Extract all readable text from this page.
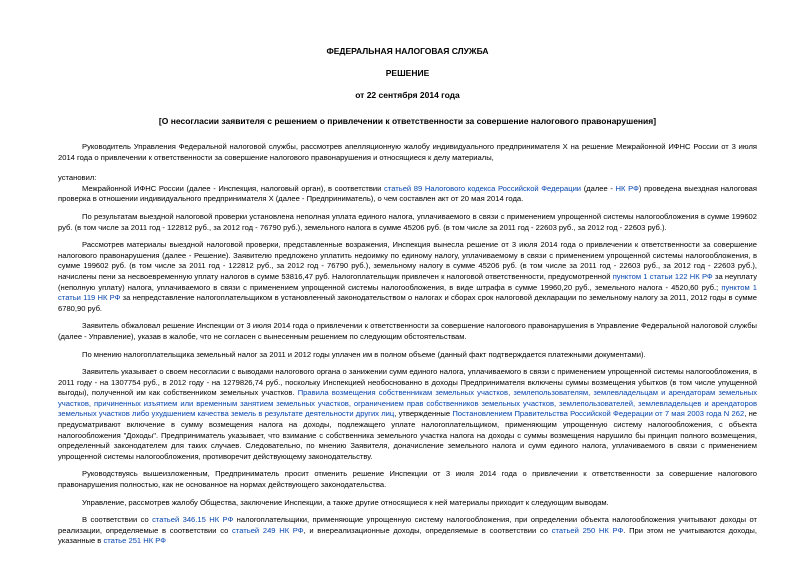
ФЕДЕРАЛЬНАЯ НАЛОГОВАЯ СЛУЖБА
РЕШЕНИЕ
от 22 сентября 2014 года
[О несогласии заявителя с решением о привлечении к ответственности за совершение налогового правонарушения]

Руководитель Управления Федеральной налоговой службы, рассмотрев апелляционную жалобу индивидуального предпринимателя Х на решение Межрайонной ИФНС России от 3 июля 2014 года о привлечении к ответственности за совершение налогового правонарушения и относящиеся к делу материалы,

установил:

Межрайонной ИФНС России (далее - Инспекция, налоговый орган), в соответствии статьей 89 Налогового кодекса Российской Федерации (далее - НК РФ) проведена выездная налоговая проверка в отношении индивидуального предпринимателя Х (далее - Предприниматель), о чем составлен акт от 20 мая 2014 года.

По результатам выездной налоговой проверки установлена неполная уплата единого налога, уплачиваемого в связи с применением упрощенной системы налогообложения в сумме 199602 руб. (в том числе за 2011 год - 122812 руб., за 2012 год - 76790 руб.), земельного налога в сумме 45206 руб. (в том числе за 2011 год - 22603 руб., за 2012 год - 22603 руб.).

Рассмотрев материалы выездной налоговой проверки, представленные возражения, Инспекция вынесла решение от 3 июля 2014 года о привлечении к ответственности за совершение налогового правонарушения (далее - Решение). Заявителю предложено уплатить недоимку по единому налогу, уплачиваемому в связи с применением упрощенной системы налогообложения, в сумме 199602 руб. (в том числе за 2011 год - 122812 руб., за 2012 год - 76790 руб.), земельному налогу в сумме 45206 руб. (в том числе за 2011 год - 22603 руб., за 2012 год - 22603 руб.), начислены пени за несвоевременную уплату налогов в сумме 53816,47 руб. Налогоплательщик привлечен к налоговой ответственности, предусмотренной пунктом 1 статьи 122 НК РФ за неуплату (неполную уплату) налога, уплачиваемого в связи с применением упрощенной системы налогообложения, в виде штрафа в сумме 19960,20 руб., земельного налога - 4520,60 руб.; пунктом 1 статьи 119 НК РФ за непредставление налогоплательщиком в установленный законодательством о налогах и сборах срок налоговой декларации по земельному налогу за 2011, 2012 годы в сумме 6780,90 руб.

Заявитель обжаловал решение Инспекции от 3 июля 2014 года о привлечении к ответственности за совершение налогового правонарушения в Управление Федеральной налоговой службы (далее - Управление), указав в жалобе, что не согласен с вынесенным решением по следующим обстоятельствам.

По мнению налогоплательщика земельный налог за 2011 и 2012 годы уплачен им в полном объеме (данный факт подтверждается платежными документами).

Заявитель указывает о своем несогласии с выводами налогового органа о занижении сумм единого налога, уплачиваемого в связи с применением упрощенной системы налогообложения, в 2011 году - на 1307754 руб., в 2012 году - на 1279826,74 руб., поскольку Инспекцией необоснованно в доходы Предпринимателя включены суммы возмещения убытков (в том числе упущенной выгоды), полученной им как собственником земельных участков. Правила возмещения собственникам земельных участков, землепользователям, землевладельцам и арендаторам земельных участков, причиненных изъятием или временным занятием земельных участков, ограничением прав собственников земельных участков, землепользователей, землевладельцев и арендаторов земельных участков либо ухудшением качества земель в результате деятельности других лиц, утвержденные Постановлением Правительства Российской Федерации от 7 мая 2003 года N 262, не предусматривают включение в сумму возмещения налога на доходы, подлежащего уплате налогоплательщиком, применяющим упрощенную систему налогообложения, с объекта налогообложения "Доходы". Предприниматель указывает, что взимание с собственника земельного участка налога на доходы с суммы возмещения нарушило бы принцип полного возмещения, определенный законодателем для таких случаев. Следовательно, по мнению Заявителя, доначисление земельного налога и сумм единого налога, уплачиваемого в связи с применением упрощенной системы налогообложения, противоречит действующему законодательству.

Руководствуясь вышеизложенным, Предприниматель просит отменить решение Инспекции от 3 июля 2014 года о привлечении к ответственности за совершение налогового правонарушения полностью, как не основанное на нормах действующего законодательства.

Управление, рассмотрев жалобу Общества, заключение Инспекции, а также другие относящиеся к ней материалы приходит к следующим выводам.

В соответствии со статьей 346.15 НК РФ налогоплательщики, применяющие упрощенную систему налогообложения, при определении объекта налогообложения учитывают доходы от реализации, определяемые в соответствии со статьей 249 НК РФ, и внереализационные доходы, определяемые в соответствии со статьей 250 НК РФ. При этом не учитываются доходы, указанные в статье 251 НК РФ
